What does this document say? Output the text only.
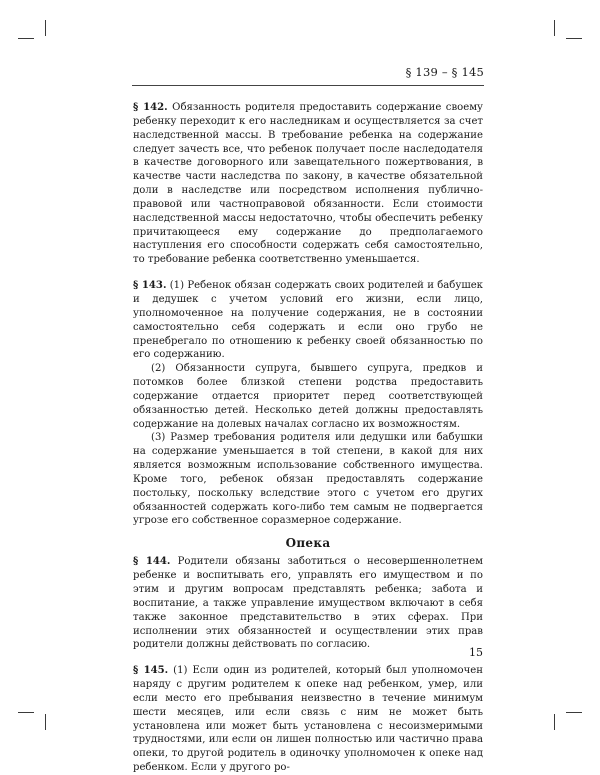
§ 139 – § 145

§ 142. Обязанность родителя предоставить содержание своему ребенку переходит к его наследникам и осуществляется за счет наследственной массы. В требование ребенка на содержание следует зачесть все, что ребенок получает после наследодателя в качестве договорного или завещательного пожертвования, в качестве части наследства по закону, в качестве обязательной доли в наследстве или посредством исполнения публично-правовой или частноправовой обязанности. Если стоимости наследственной массы недостаточно, чтобы обеспечить ребенку причитающееся ему содержание до предполагаемого наступления его способности содержать себя самостоятельно, то требование ребенка соответственно уменьшается.

§ 143. (1) Ребенок обязан содержать своих родителей и бабушек и дедушек с учетом условий его жизни, если лицо, уполномоченное на получение содержания, не в состоянии самостоятельно себя содержать и если оно грубо не пренебрегало по отношению к ребенку своей обязанностью по его содержанию.

(2) Обязанности супруга, бывшего супруга, предков и потомков более близкой степени родства предоставить содержание отдается приоритет перед соответствующей обязанностью детей. Несколько детей должны предоставлять содержание на долевых началах согласно их возможностям.

(3) Размер требования родителя или дедушки или бабушки на содержание уменьшается в той степени, в какой для них является возможным использование собственного имущества. Кроме того, ребенок обязан предоставлять содержание постольку, поскольку вследствие этого с учетом его других обязанностей содержать кого-либо тем самым не подвергается угрозе его собственное соразмерное содержание.

Опека

§ 144. Родители обязаны заботиться о несовершеннолетнем ребенке и воспитывать его, управлять его имуществом и по этим и другим вопросам представлять ребенка; забота и воспитание, а также управление имуществом включают в себя также законное представительство в этих сферах. При исполнении этих обязанностей и осуществлении этих прав родители должны действовать по согласию.

§ 145. (1) Если один из родителей, который был уполномочен наряду с другим родителем к опеке над ребенком, умер, или если место его пребывания неизвестно в течение минимум шести месяцев, или если связь с ним не может быть установлена или может быть установлена с несоизмеримыми трудностями, или если он лишен полностью или частично права опеки, то другой родитель в одиночку уполномочен к опеке над ребенком. Если у другого ро-

15
